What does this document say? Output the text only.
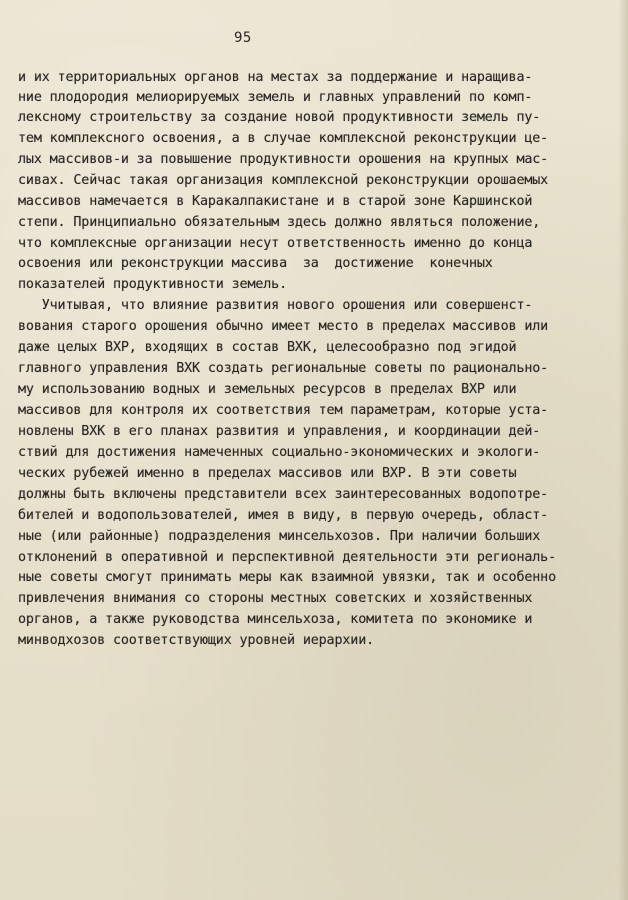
95
и их территориальных органов на местах за поддержание и наращива-
ние плодородия мелиорируемых земель и главных управлений по комп-
лексному строительству за создание новой продуктивности земель пу-
тем комплексного освоения, а в случае комплексной реконструкции це-
лых массивов-и за повышение продуктивности орошения на крупных мас-
сивах. Сейчас такая организация комплексной реконструкции орошаемых
массивов намечается в Каракалпакистане и в старой зоне Каршинской
степи. Принципиально обязательным здесь должно являться положение,
что комплексные организации несут ответственность именно до конца
освоения или реконструкции массива  за  достижение  конечных
показателей продуктивности земель.
Учитывая, что влияние развития нового орошения или совершенст-
вования старого орошения обычно имеет место в пределах массивов или
даже целых ВХР, входящих в состав ВХК, целесообразно под эгидой
главного управления ВХК создать региональные советы по рационально-
му использованию водных и земельных ресурсов в пределах ВХР или
массивов для контроля их соответствия тем параметрам, которые уста-
новлены ВХК в его планах развития и управления, и координации дей-
ствий для достижения намеченных социально-экономических и экологи-
ческих рубежей именно в пределах массивов или ВХР. В эти советы
должны быть включены представители всех заинтересованных водопотре-
бителей и водопользователей, имея в виду, в первую очередь, област-
ные (или районные) подразделения минсельхозов. При наличии больших
отклонений в оперативной и перспективной деятельности эти региональ-
ные советы смогут принимать меры как взаимной увязки, так и особенно
привлечения внимания со стороны местных советских и хозяйственных
органов, а также руководства минсельхоза, комитета по экономике и
минводхозов соответствующих уровней иерархии.
